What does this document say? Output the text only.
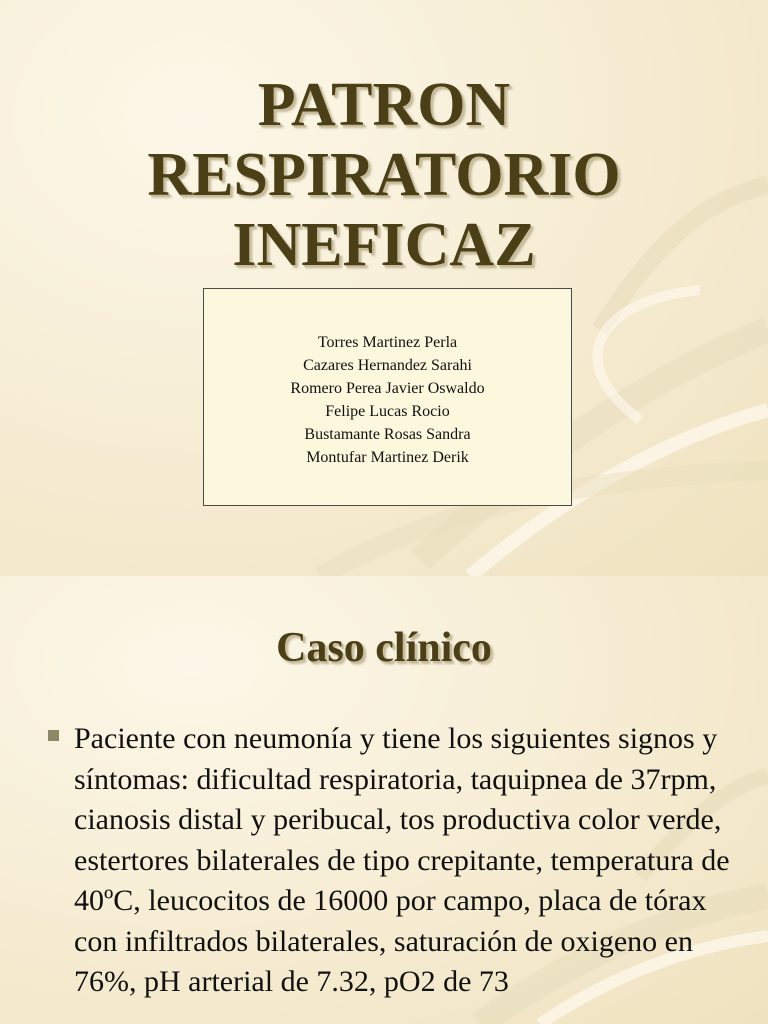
PATRON
RESPIRATORIO
INEFICAZ
Torres Martinez Perla
Cazares Hernandez Sarahi
Romero Perea Javier Oswaldo
Felipe Lucas Rocio
Bustamante Rosas Sandra
Montufar Martinez Derik
Caso clínico

Paciente con neumonía y tiene los siguientes signos y síntomas: dificultad respiratoria, taquipnea de 37rpm, cianosis distal y peribucal, tos productiva color verde, estertores bilaterales de tipo crepitante, temperatura de 40ºC, leucocitos de 16000 por campo, placa de tórax con infiltrados bilaterales, saturación de oxigeno en 76%, pH arterial de 7.32, pO2 de 73
